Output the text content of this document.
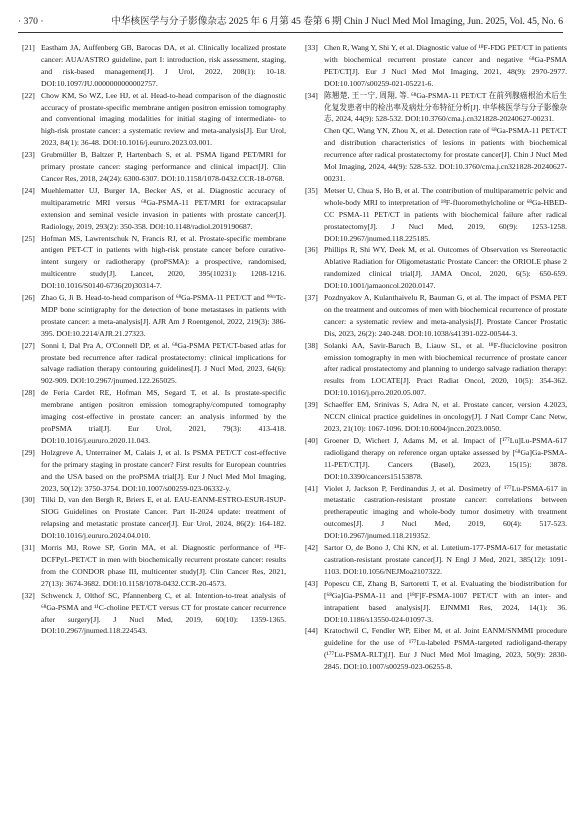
· 370 ·	中华核医学与分子影像杂志 2025 年 6 月第 45 卷第 6 期 Chin J Nucl Med Mol Imaging, Jun. 2025, Vol. 45, No. 6

[21] Eastham JA, Auffenberg GB, Barocas DA, et al. Clinically localized prostate cancer: AUA/ASTRO guideline, part I: introduction, risk assessment, staging, and risk-based management[J]. J Urol, 2022, 208(1): 10-18. DOI:10.1097/JU.0000000000002757.

[22] Chow KM, So WZ, Lee HJ, et al. Head-to-head comparison of the diagnostic accuracy of prostate-specific membrane antigen positron emission tomography and conventional imaging modalities for initial staging of intermediate- to high-risk prostate cancer: a systematic review and meta-analysis[J]. Eur Urol, 2023, 84(1): 36-48. DOI:10.1016/j.eururo.2023.03.001.

[23] Grubmüller B, Baltzer P, Hartenbach S, et al. PSMA ligand PET/MRI for primary prostate cancer: staging performance and clinical impact[J]. Clin Cancer Res, 2018, 24(24): 6300-6307. DOI:10.1158/1078-0432.CCR-18-0768.

[24] Muehlematter UJ, Burger IA, Becker AS, et al. Diagnostic accuracy of multiparametric MRI versus ⁶⁸Ga-PSMA-11 PET/MRI for extracapsular extension and seminal vesicle invasion in patients with prostate cancer[J]. Radiology, 2019, 293(2): 350-358. DOI:10.1148/radiol.2019190687.

[25] Hofman MS, Lawrentschuk N, Francis RJ, et al. Prostate-specific membrane antigen PET-CT in patients with high-risk prostate cancer before curative-intent surgery or radiotherapy (proPSMA): a prospective, randomised, multicentre study[J]. Lancet, 2020, 395(10231): 1208-1216. DOI:10.1016/S0140-6736(20)30314-7.

[26] Zhao G, Ji B. Head-to-head comparison of ⁶⁸Ga-PSMA-11 PET/CT and ⁹⁹ᵐTc-MDP bone scintigraphy for the detection of bone metastases in patients with prostate cancer: a meta-analysis[J]. AJR Am J Roentgenol, 2022, 219(3): 386-395. DOI:10.2214/AJR.21.27323.

[27] Sonni I, Dal Pra A, O'Connell DP, et al. ⁶⁸Ga-PSMA PET/CT-based atlas for prostate bed recurrence after radical prostatectomy: clinical implications for salvage radiation therapy contouring guidelines[J]. J Nucl Med, 2023, 64(6): 902-909. DOI:10.2967/jnumed.122.265025.

[28] de Feria Cardet RE, Hofman MS, Segard T, et al. Is prostate-specific membrane antigen positron emission tomography/computed tomography imaging cost-effective in prostate cancer: an analysis informed by the proPSMA trial[J]. Eur Urol, 2021, 79(3): 413-418. DOI:10.1016/j.eururo.2020.11.043.

[29] Holzgreve A, Unterrainer M, Calais J, et al. Is PSMA PET/CT cost-effective for the primary staging in prostate cancer? First results for European countries and the USA based on the proPSMA trial[J]. Eur J Nucl Med Mol Imaging, 2023, 50(12): 3750-3754. DOI:10.1007/s00259-023-06332-y.

[30] Tilki D, van den Bergh R, Briers E, et al. EAU-EANM-ESTRO-ESUR-ISUP-SIOG Guidelines on Prostate Cancer. Part II-2024 update: treatment of relapsing and metastatic prostate cancer[J]. Eur Urol, 2024, 86(2): 164-182. DOI:10.1016/j.eururo.2024.04.010.

[31] Morris MJ, Rowe SP, Gorin MA, et al. Diagnostic performance of ¹⁸F-DCFPyL-PET/CT in men with biochemically recurrent prostate cancer: results from the CONDOR phase III, multicenter study[J]. Clin Cancer Res, 2021, 27(13): 3674-3682. DOI:10.1158/1078-0432.CCR-20-4573.

[32] Schwenck J, Olthof SC, Pfannenberg C, et al. Intention-to-treat analysis of ⁶⁸Ga-PSMA and ¹¹C-choline PET/CT versus CT for prostate cancer recurrence after surgery[J]. J Nucl Med, 2019, 60(10): 1359-1365. DOI:10.2967/jnumed.118.224543.

[33] Chen R, Wang Y, Shi Y, et al. Diagnostic value of ¹⁸F-FDG PET/CT in patients with biochemical recurrent prostate cancer and negative ⁶⁸Ga-PSMA PET/CT[J]. Eur J Nucl Med Mol Imaging, 2021, 48(9): 2970-2977. DOI:10.1007/s00259-021-05221-6.

[34] 陈翘楚, 王一宁, 周翔, 等. ⁶⁸Ga-PSMA-11 PET/CT 在前列腺癌根治术后生化复发患者中的检出率及病灶分布特征分析[J]. 中华核医学与分子影像杂志, 2024, 44(9): 528-532. DOI:10.3760/cma.j.cn321828-20240627-00231.

Chen QC, Wang YN, Zhou X, et al. Detection rate of ⁶⁸Ga-PSMA-11 PET/CT and distribution characteristics of lesions in patients with biochemical recurrence after radical prostatectomy for prostate cancer[J]. Chin J Nucl Med Mol Imaging, 2024, 44(9): 528-532. DOI:10.3760/cma.j.cn321828-20240627-00231.

[35] Metser U, Chua S, Ho B, et al. The contribution of multiparametric pelvic and whole-body MRI to interpretation of ¹⁸F-fluoromethylcholine or ⁶⁸Ga-HBED-CC PSMA-11 PET/CT in patients with biochemical failure after radical prostatectomy[J]. J Nucl Med, 2019, 60(9): 1253-1258. DOI:10.2967/jnumed.118.225185.

[36] Phillips R, Shi WY, Deek M, et al. Outcomes of Observation vs Stereotactic Ablative Radiation for Oligometastatic Prostate Cancer: the ORIOLE phase 2 randomized clinical trial[J]. JAMA Oncol, 2020, 6(5): 650-659. DOI:10.1001/jamaoncol.2020.0147.

[37] Pozdnyakov A, Kulanthaivelu R, Bauman G, et al. The impact of PSMA PET on the treatment and outcomes of men with biochemical recurrence of prostate cancer: a systematic review and meta-analysis[J]. Prostate Cancer Prostatic Dis, 2023, 26(2): 240-248. DOI:10.1038/s41391-022-00544-3.

[38] Solanki AA, Savir-Baruch B, Liauw SL, et al. ¹⁸F-fluciclovine positron emission tomography in men with biochemical recurrence of prostate cancer after radical prostatectomy and planning to undergo salvage radiation therapy: results from LOCATE[J]. Pract Radiat Oncol, 2020, 10(5): 354-362. DOI:10.1016/j.prro.2020.05.007.

[39] Schaeffer EM, Srinivas S, Adra N, et al. Prostate cancer, version 4.2023, NCCN clinical practice guidelines in oncology[J]. J Natl Compr Canc Netw, 2023, 21(10): 1067-1096. DOI:10.6004/jnccn.2023.0050.

[40] Groener D, Wichert J, Adams M, et al. Impact of [¹⁷⁷Lu]Lu-PSMA-617 radioligand therapy on reference organ uptake assessed by [⁶⁸Ga]Ga-PSMA-11-PET/CT[J]. Cancers (Basel), 2023, 15(15): 3878. DOI:10.3390/cancers15153878.

[41] Violet J, Jackson P, Ferdinandus J, et al. Dosimetry of ¹⁷⁷Lu-PSMA-617 in metastatic castration-resistant prostate cancer: correlations between pretherapeutic imaging and whole-body tumor dosimetry with treatment outcomes[J]. J Nucl Med, 2019, 60(4): 517-523. DOI:10.2967/jnumed.118.219352.

[42] Sartor O, de Bono J, Chi KN, et al. Lutetium-177-PSMA-617 for metastatic castration-resistant prostate cancer[J]. N Engl J Med, 2021, 385(12): 1091-1103. DOI:10.1056/NEJMoa2107322.

[43] Popescu CE, Zhang B, Sartoretti T, et al. Evaluating the biodistribution for [⁶⁸Ga]Ga-PSMA-11 and [¹⁸F]F-PSMA-1007 PET/CT with an inter- and intrapatient based analysis[J]. EJNMMI Res, 2024, 14(1): 36. DOI:10.1186/s13550-024-01097-3.

[44] Kratochwil C, Fendler WP, Eiber M, et al. Joint EANM/SNMMI procedure guideline for the use of ¹⁷⁷Lu-labeled PSMA-targeted radioligand-therapy (¹⁷⁷Lu-PSMA-RLT)[J]. Eur J Nucl Med Mol Imaging, 2023, 50(9): 2830-2845. DOI:10.1007/s00259-023-06255-8.
